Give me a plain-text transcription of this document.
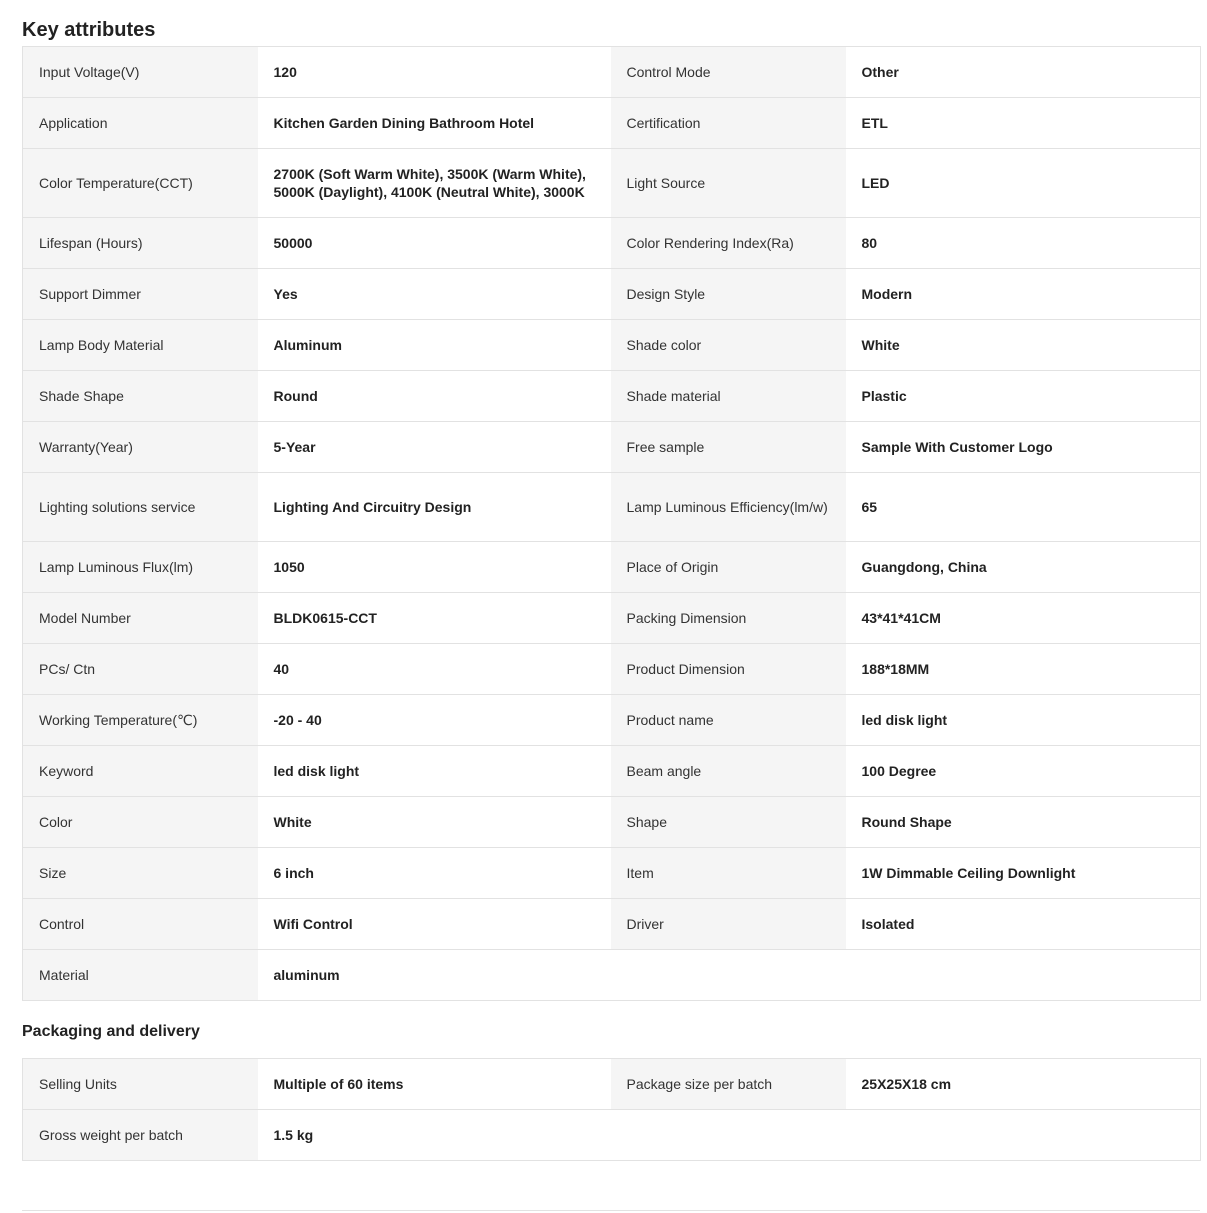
Key attributes
Input Voltage(V)	120	Control Mode	Other
Application	Kitchen Garden Dining Bathroom Hotel	Certification	ETL
Color Temperature(CCT)	2700K (Soft Warm White), 3500K (Warm White), 5000K (Daylight), 4100K (Neutral White), 3000K	Light Source	LED
Lifespan (Hours)	50000	Color Rendering Index(Ra)	80
Support Dimmer	Yes	Design Style	Modern
Lamp Body Material	Aluminum	Shade color	White
Shade Shape	Round	Shade material	Plastic
Warranty(Year)	5-Year	Free sample	Sample With Customer Logo
Lighting solutions service	Lighting And Circuitry Design	Lamp Luminous Efficiency(lm/w)	65
Lamp Luminous Flux(lm)	1050	Place of Origin	Guangdong, China
Model Number	BLDK0615-CCT	Packing Dimension	43*41*41CM
PCs/ Ctn	40	Product Dimension	188*18MM
Working Temperature(℃)	-20 - 40	Product name	led disk light
Keyword	led disk light	Beam angle	100 Degree
Color	White	Shape	Round Shape
Size	6 inch	Item	1W Dimmable Ceiling Downlight
Control	Wifi Control	Driver	Isolated
Material	aluminum		
Packaging and delivery
Selling Units	Multiple of 60 items	Package size per batch	25X25X18 cm
Gross weight per batch	1.5 kg		
